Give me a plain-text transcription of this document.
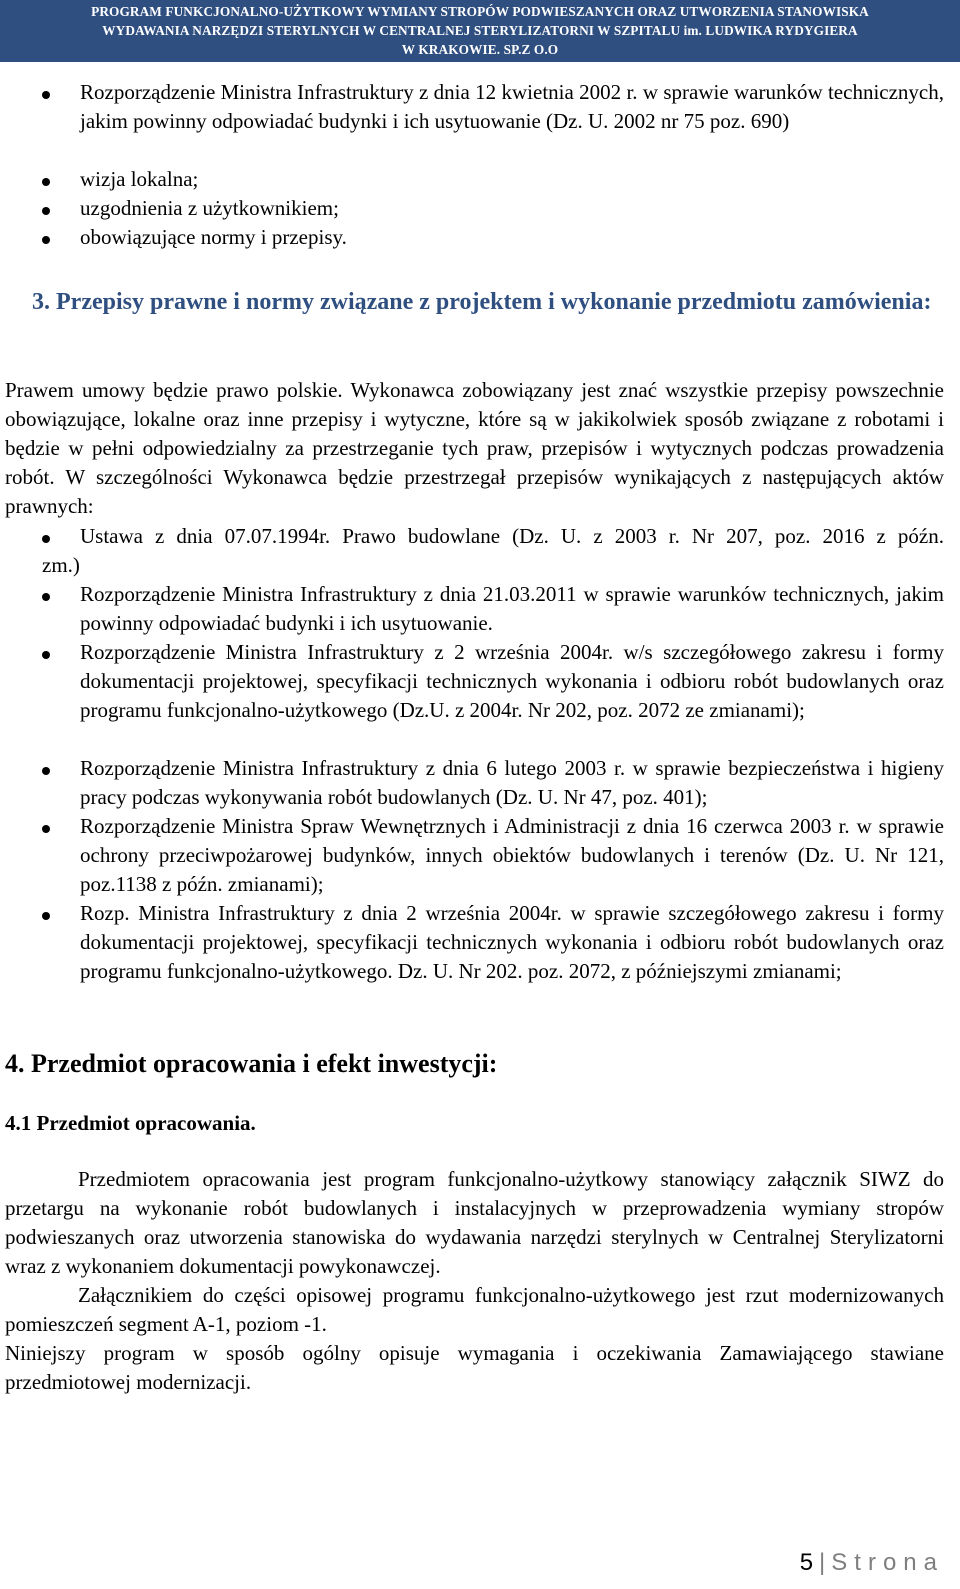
PROGRAM FUNKCJONALNO-UŻYTKOWY WYMIANY STROPÓW PODWIESZANYCH ORAZ UTWORZENIA STANOWISKA
WYDAWANIA NARZĘDZI STERYLNYCH W CENTRALNEJ STERYLIZATORNI W SZPITALU im. LUDWIKA RYDYGIERA
W KRAKOWIE. SP.Z O.O
Rozporządzenie Ministra Infrastruktury z dnia 12 kwietnia 2002 r. w sprawie warunków technicznych, jakim powinny odpowiadać budynki i ich usytuowanie (Dz. U. 2002 nr 75 poz. 690)
wizja lokalna;
uzgodnienia z użytkownikiem;
obowiązujące normy i przepisy.
3. Przepisy prawne i normy związane z projektem i wykonanie przedmiotu zamówienia:
Prawem umowy będzie prawo polskie. Wykonawca zobowiązany jest znać wszystkie przepisy powszechnie obowiązujące, lokalne oraz inne przepisy i wytyczne, które są w jakikolwiek sposób związane z robotami i będzie w pełni odpowiedzialny za przestrzeganie tych praw, przepisów i wytycznych podczas prowadzenia robót. W szczególności Wykonawca będzie przestrzegał przepisów wynikających z następujących aktów prawnych:
Ustawa z dnia 07.07.1994r. Prawo budowlane (Dz. U. z 2003 r. Nr 207, poz. 2016 z późn.
zm.)
Rozporządzenie Ministra Infrastruktury z dnia 21.03.2011 w sprawie warunków technicznych, jakim powinny odpowiadać budynki i ich usytuowanie.
Rozporządzenie Ministra Infrastruktury z 2 września 2004r. w/s szczegółowego zakresu i formy dokumentacji projektowej, specyfikacji technicznych wykonania i odbioru robót budowlanych oraz programu funkcjonalno-użytkowego (Dz.U. z 2004r. Nr 202, poz. 2072 ze zmianami);
Rozporządzenie Ministra Infrastruktury z dnia 6 lutego 2003 r. w sprawie bezpieczeństwa i higieny pracy podczas wykonywania robót budowlanych (Dz. U. Nr 47, poz. 401);
Rozporządzenie Ministra Spraw Wewnętrznych i Administracji z dnia 16 czerwca 2003 r. w sprawie ochrony przeciwpożarowej budynków, innych obiektów budowlanych i terenów (Dz. U. Nr 121, poz.1138 z późn. zmianami);
Rozp. Ministra Infrastruktury z dnia 2 września 2004r. w sprawie szczegółowego zakresu i formy dokumentacji projektowej, specyfikacji technicznych wykonania i odbioru robót budowlanych oraz programu funkcjonalno-użytkowego. Dz. U. Nr 202. poz. 2072, z późniejszymi zmianami;
4. Przedmiot opracowania i efekt inwestycji:
4.1 Przedmiot opracowania.
Przedmiotem opracowania jest program funkcjonalno-użytkowy stanowiący załącznik SIWZ do przetargu na wykonanie robót budowlanych i instalacyjnych w przeprowadzenia wymiany stropów podwieszanych oraz utworzenia stanowiska do wydawania narzędzi sterylnych w Centralnej Sterylizatorni wraz z wykonaniem dokumentacji powykonawczej.
Załącznikiem do części opisowej programu funkcjonalno-użytkowego jest rzut modernizowanych pomieszczeń segment A-1, poziom -1.
Niniejszy program w sposób ogólny opisuje wymagania i oczekiwania Zamawiającego stawiane przedmiotowej modernizacji.
5 | Strona
